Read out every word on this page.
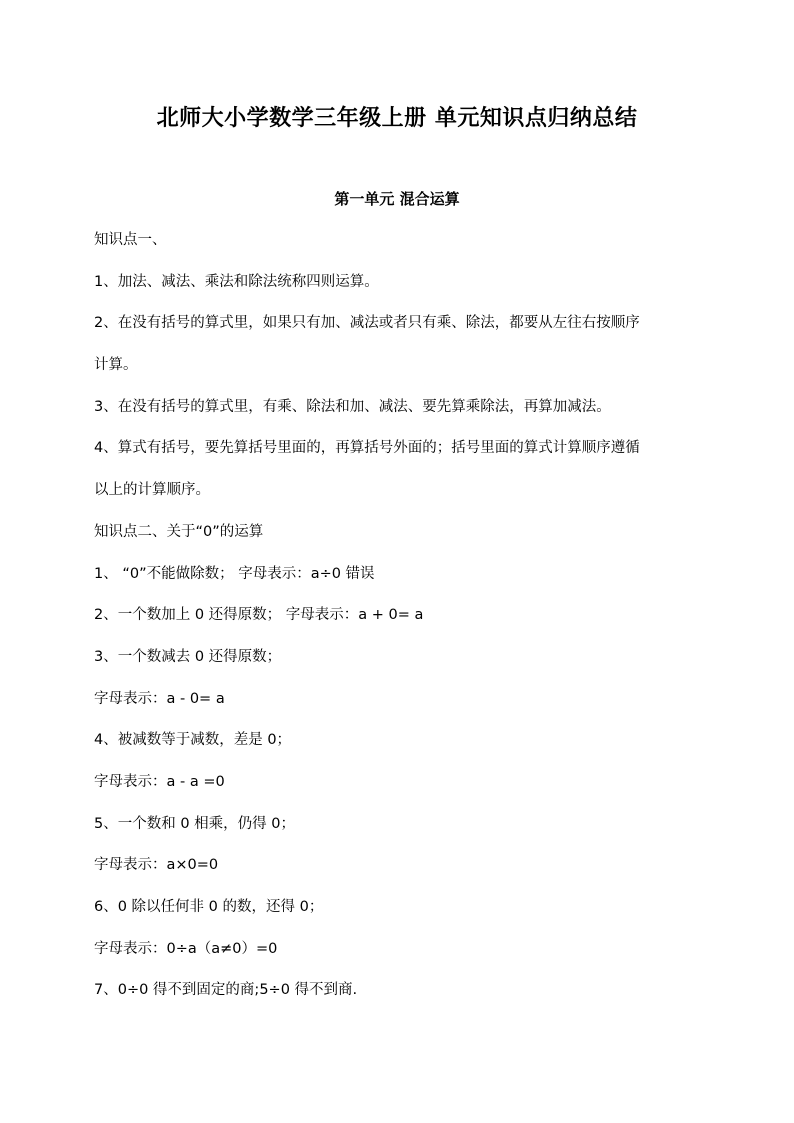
北师大小学数学三年级上册 单元知识点归纳总结
第一单元 混合运算
知识点一、
1、加法、减法、乘法和除法统称四则运算。
2、在没有括号的算式里，如果只有加、减法或者只有乘、除法，都要从左往右按顺序
计算。
3、在没有括号的算式里，有乘、除法和加、减法、要先算乘除法，再算加减法。
4、算式有括号，要先算括号里面的，再算括号外面的；括号里面的算式计算顺序遵循
以上的计算顺序。
知识点二、关于“0”的运算
1、 “0”不能做除数； 字母表示：a÷0 错误
2、一个数加上 0 还得原数； 字母表示：a + 0= a
3、一个数减去 0 还得原数；
字母表示：a - 0= a
4、被减数等于减数，差是 0；
字母表示：a - a =0
5、一个数和 0 相乘，仍得 0；
字母表示：a×0=0
6、0 除以任何非 0 的数，还得 0；
字母表示：0÷a（a≠0）=0
7、0÷0 得不到固定的商;5÷0 得不到商.
